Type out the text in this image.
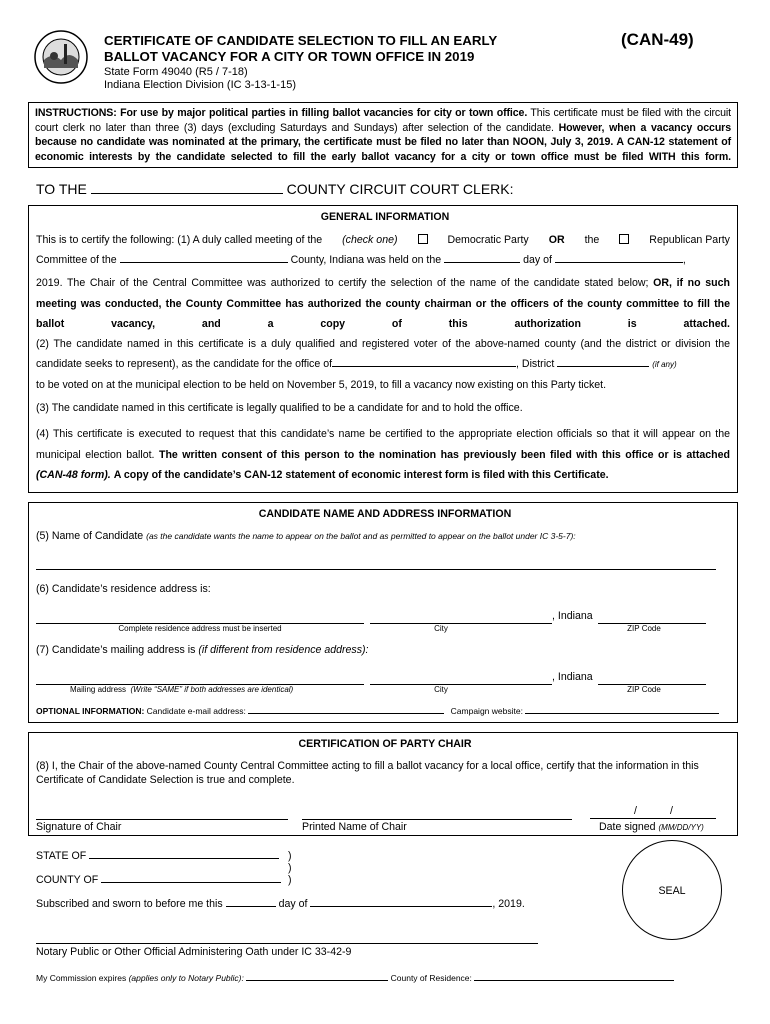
CERTIFICATE OF CANDIDATE SELECTION TO FILL AN EARLY
BALLOT VACANCY FOR A CITY OR TOWN OFFICE IN 2019
(CAN-49)
State Form 49040 (R5 / 7-18)
Indiana Election Division (IC 3-13-1-15)
INSTRUCTIONS: For use by major political parties in filling ballot vacancies for city or town office. This certificate must be filed with the circuit court clerk no later than three (3) days (excluding Saturdays and Sundays) after selection of the candidate. However, when a vacancy occurs because no candidate was nominated at the primary, the certificate must be filed no later than NOON, July 3, 2019. A CAN-12 statement of economic interests by the candidate selected to fill the early ballot vacancy for a city or town office must be filed WITH this form.
TO THE	COUNTY CIRCUIT COURT CLERK:
GENERAL INFORMATION
This is to certify the following: (1) A duly called meeting of the (check one)	Democratic Party OR the	Republican Party
Committee of the	County, Indiana was held on the	day of	,
2019. The Chair of the Central Committee was authorized to certify the selection of the name of the candidate stated below; OR, if no such meeting was conducted, the County Committee has authorized the county chairman or the officers of the county committee to fill the ballot vacancy, and a copy of this authorization is attached.
(2) The candidate named in this certificate is a duly qualified and registered voter of the above-named county (and the district or division the candidate seeks to represent), as the candidate for the office of	, District	(if any)
to be voted on at the municipal election to be held on November 5, 2019, to fill a vacancy now existing on this Party ticket.
(3) The candidate named in this certificate is legally qualified to be a candidate for and to hold the office.
(4) This certificate is executed to request that this candidate’s name be certified to the appropriate election officials so that it will appear on the municipal election ballot. The written consent of this person to the nomination has previously been filed with this office or is attached (CAN-48 form). A copy of the candidate’s CAN-12 statement of economic interest form is filed with this Certificate.
CANDIDATE NAME AND ADDRESS INFORMATION
(5) Name of Candidate (as the candidate wants the name to appear on the ballot and as permitted to appear on the ballot under IC 3-5-7):
(6) Candidate’s residence address is:
, Indiana
Complete residence address must be inserted	City	ZIP Code
(7) Candidate’s mailing address is (if different from residence address):
, Indiana
Mailing address (Write “SAME” if both addresses are identical)	City	ZIP Code
OPTIONAL INFORMATION: Candidate e-mail address:	Campaign website:
CERTIFICATION OF PARTY CHAIR
(8) I, the Chair of the above-named County Central Committee acting to fill a ballot vacancy for a local office, certify that the information in this Certificate of Candidate Selection is true and complete.
/	/
Signature of Chair	Printed Name of Chair	Date signed (MM/DD/YY)
STATE OF	)
)
COUNTY OF	)
Subscribed and sworn to before me this	day of	, 2019.
SEAL
Notary Public or Other Official Administering Oath under IC 33-42-9
My Commission expires (applies only to Notary Public):	County of Residence:
